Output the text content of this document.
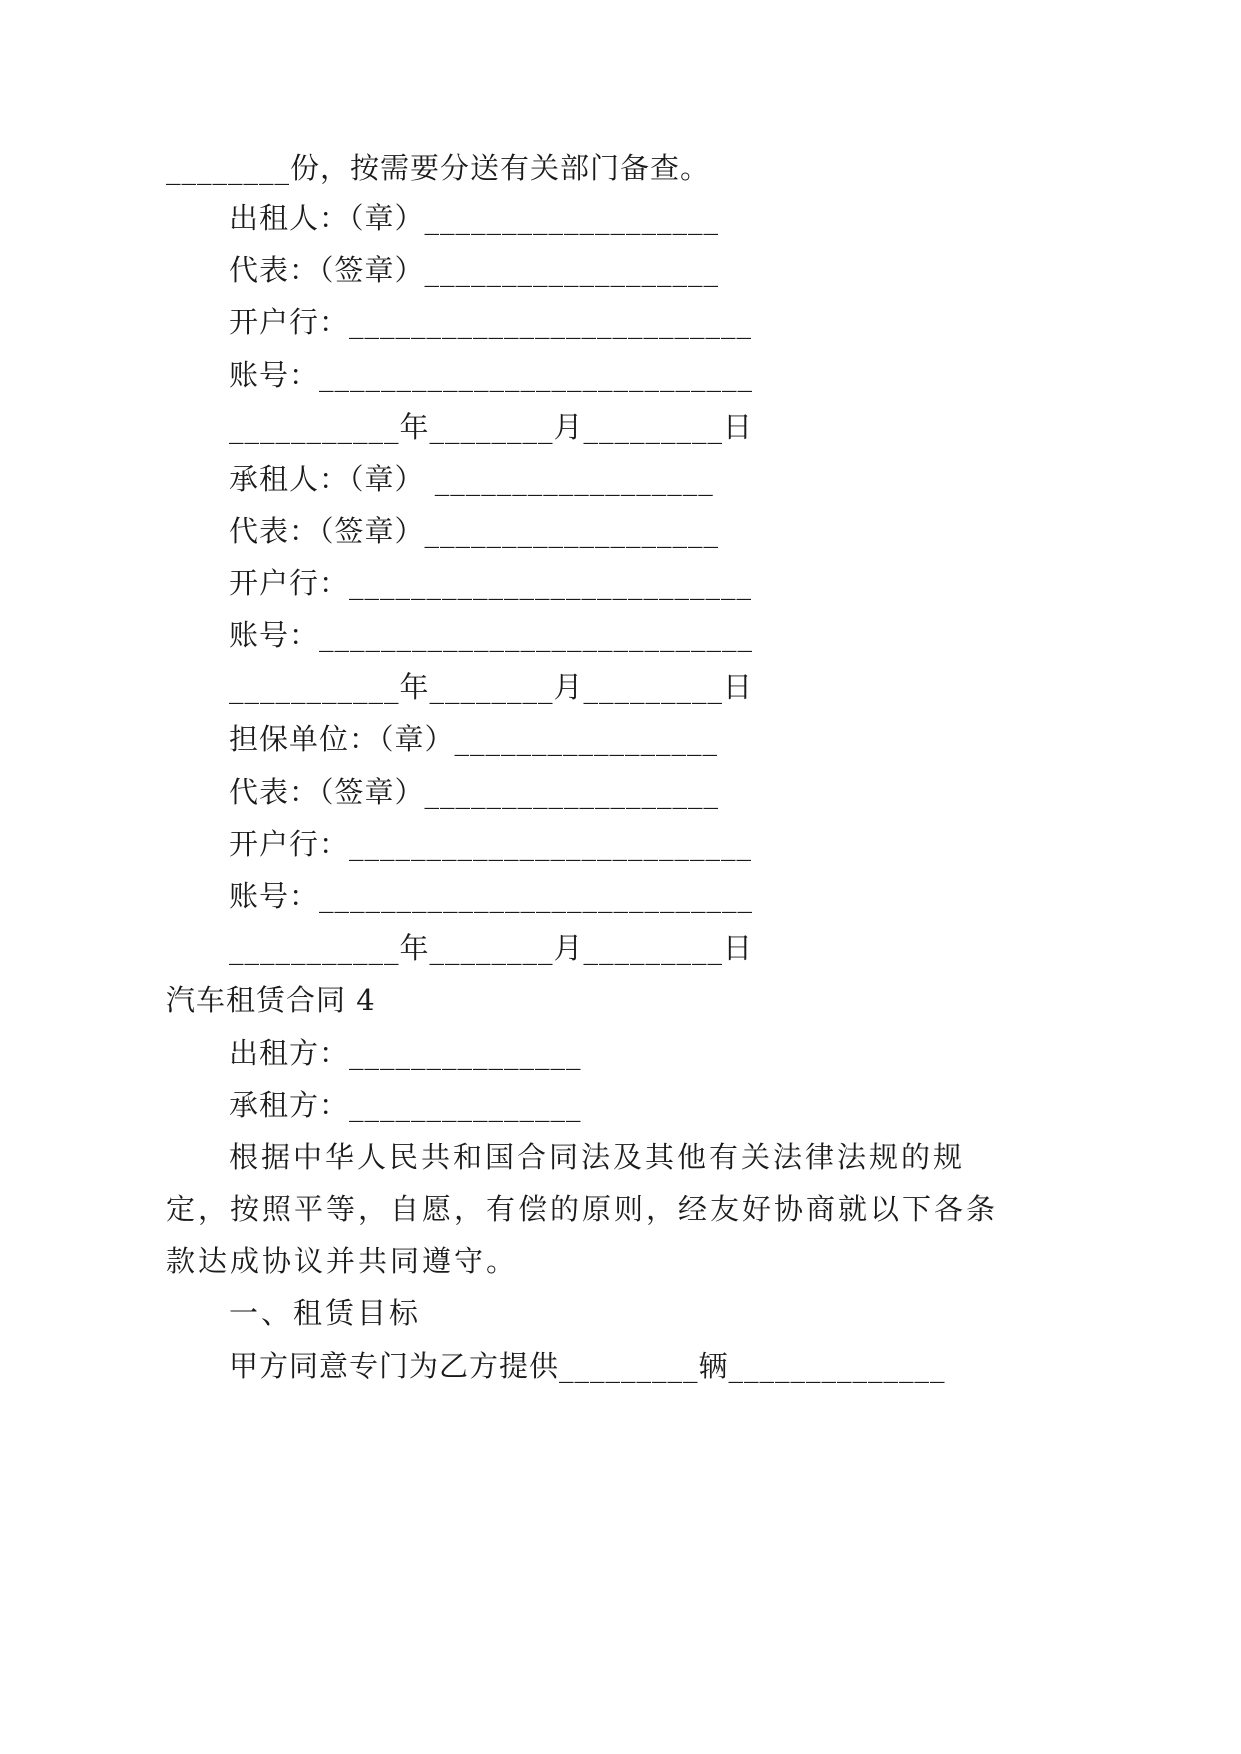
________份，按需要分送有关部门备查。
出租人：（章）___________________
代表：（签章）___________________
开户行：__________________________
账号：____________________________
___________年________月_________日
承租人：（章） __________________
代表：（签章）___________________
开户行：__________________________
账号：____________________________
___________年________月_________日
担保单位：（章）_________________
代表：（签章）___________________
开户行：__________________________
账号：____________________________
___________年________月_________日
汽车租赁合同 4
出租方：_______________
承租方：_______________
根据中华人民共和国合同法及其他有关法律法规的规
定，按照平等，自愿，有偿的原则，经友好协商就以下各条
款达成协议并共同遵守。
一、租赁目标
甲方同意专门为乙方提供_________辆______________
